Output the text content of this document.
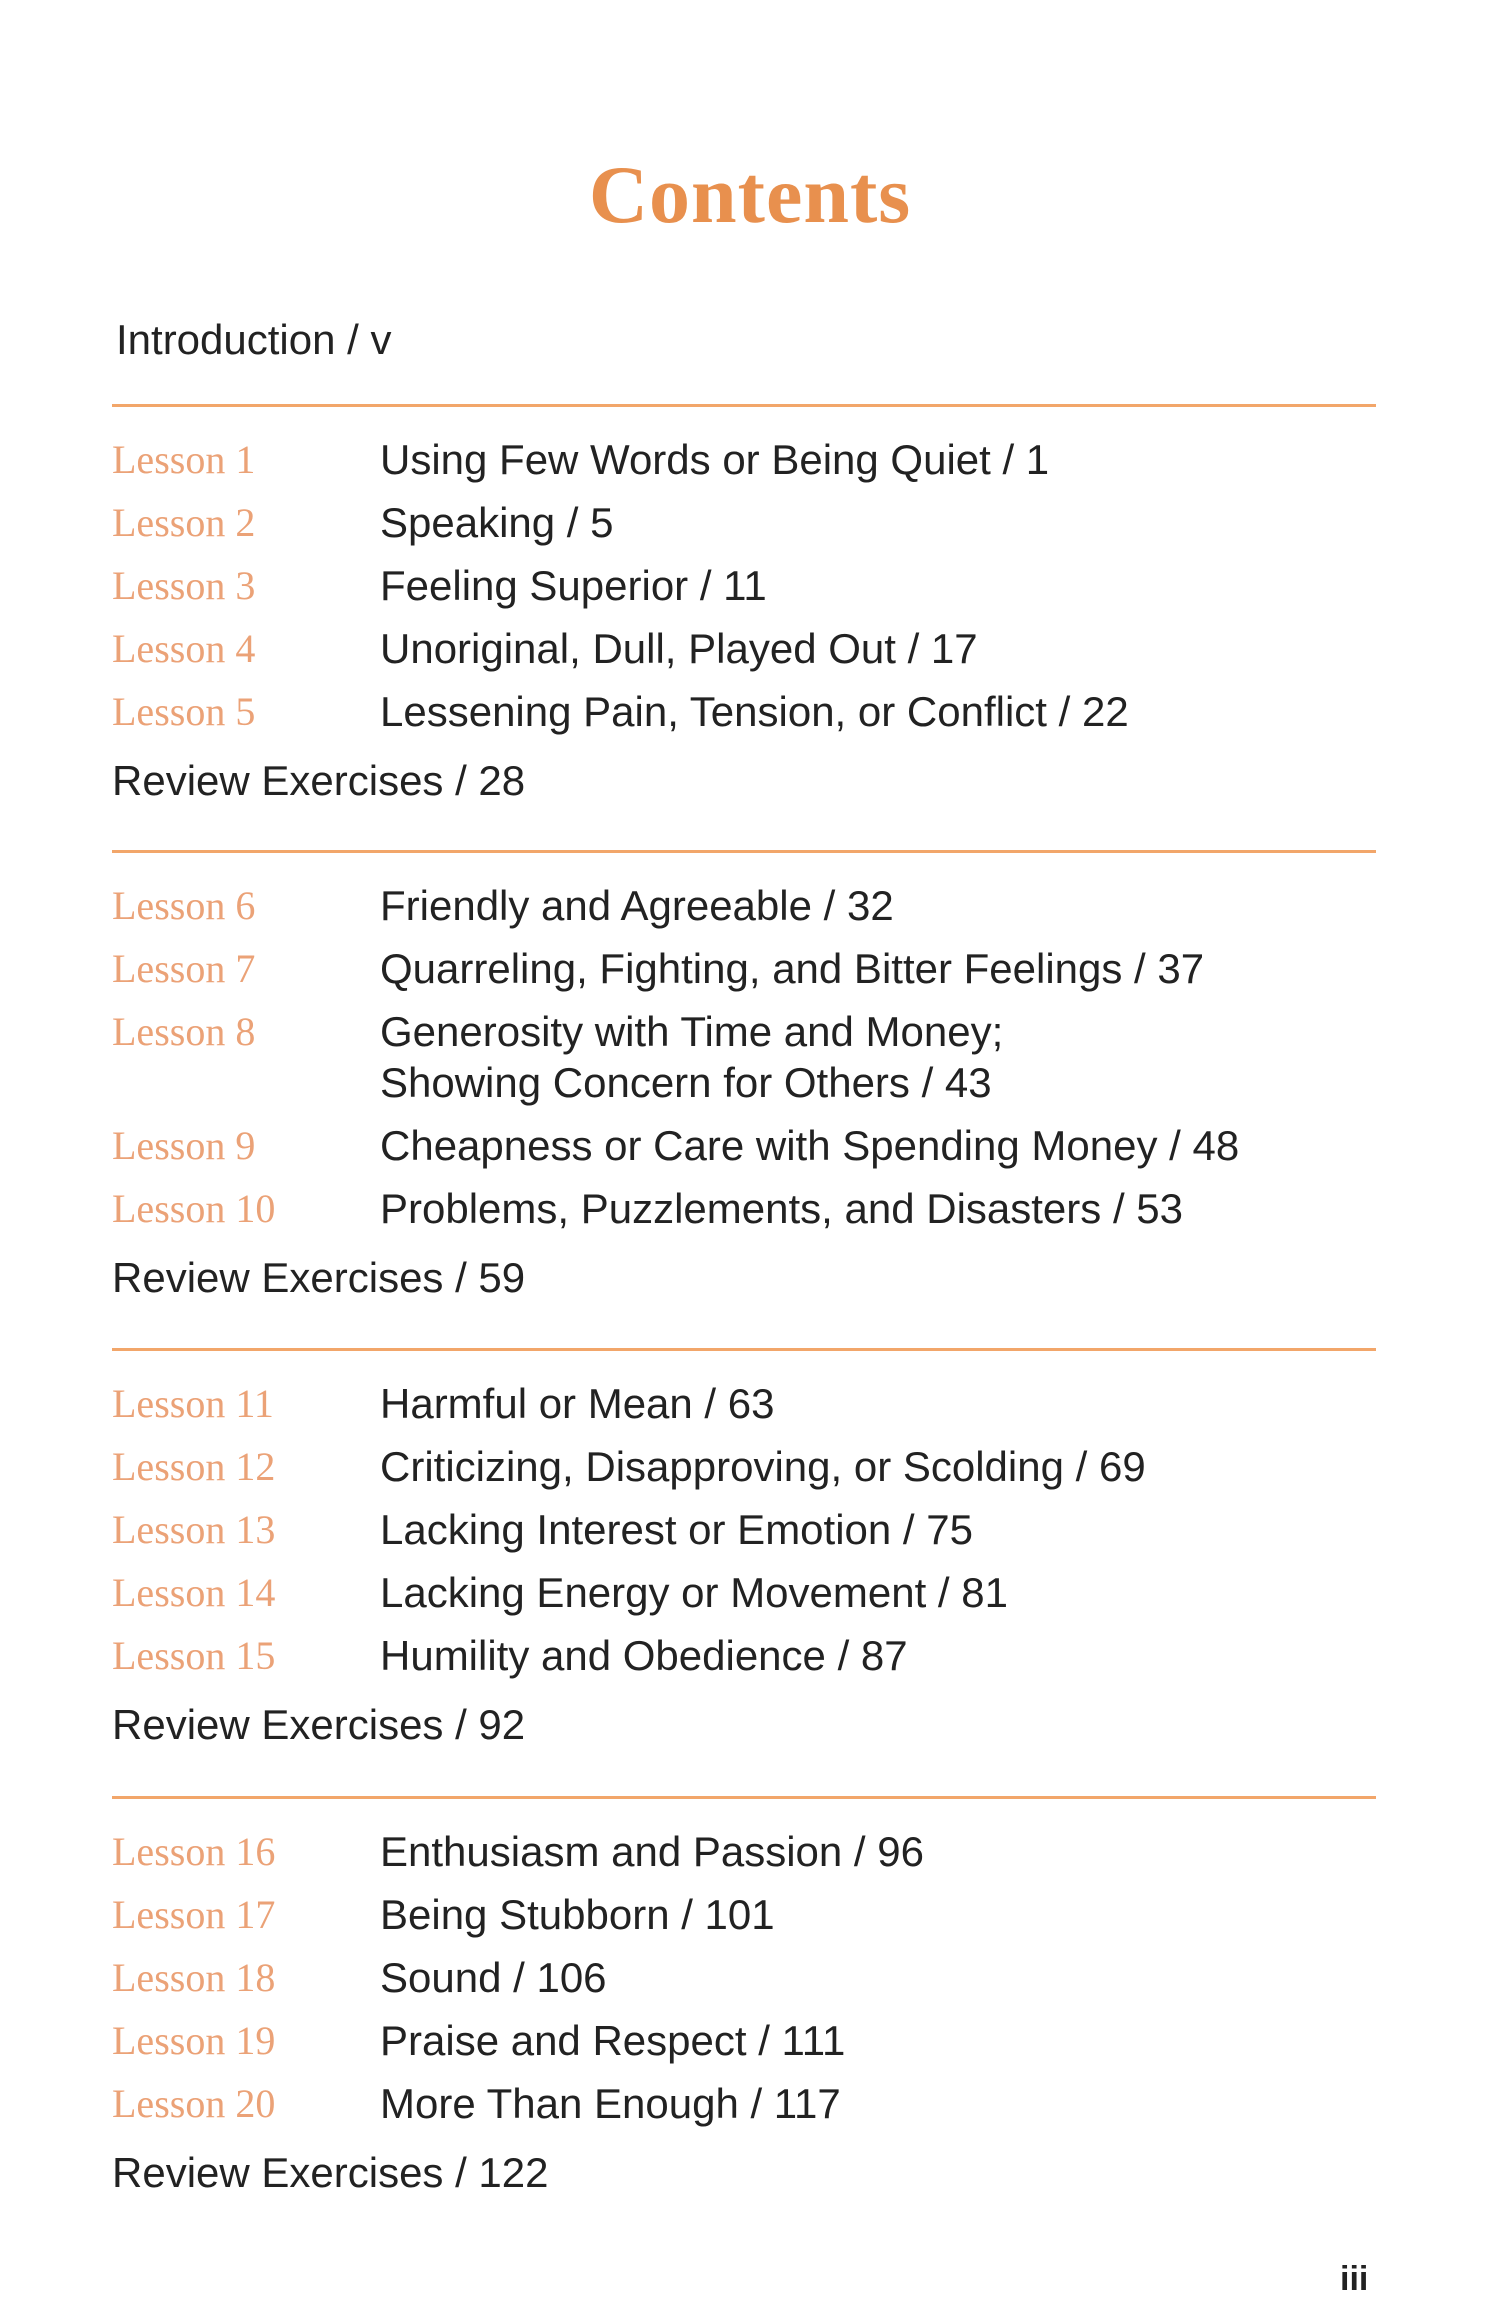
Contents
Introduction / v
Lesson 1	Using Few Words or Being Quiet / 1
Lesson 2	Speaking / 5
Lesson 3	Feeling Superior / 11
Lesson 4	Unoriginal, Dull, Played Out / 17
Lesson 5	Lessening Pain, Tension, or Conflict / 22
Review Exercises / 28
Lesson 6	Friendly and Agreeable / 32
Lesson 7	Quarreling, Fighting, and Bitter Feelings / 37
Lesson 8	Generosity with Time and Money;
Showing Concern for Others / 43
Lesson 9	Cheapness or Care with Spending Money / 48
Lesson 10	Problems, Puzzlements, and Disasters / 53
Review Exercises / 59
Lesson 11	Harmful or Mean / 63
Lesson 12	Criticizing, Disapproving, or Scolding / 69
Lesson 13	Lacking Interest or Emotion / 75
Lesson 14	Lacking Energy or Movement / 81
Lesson 15	Humility and Obedience / 87
Review Exercises / 92
Lesson 16	Enthusiasm and Passion / 96
Lesson 17	Being Stubborn / 101
Lesson 18	Sound / 106
Lesson 19	Praise and Respect / 111
Lesson 20	More Than Enough / 117
Review Exercises / 122
iii
